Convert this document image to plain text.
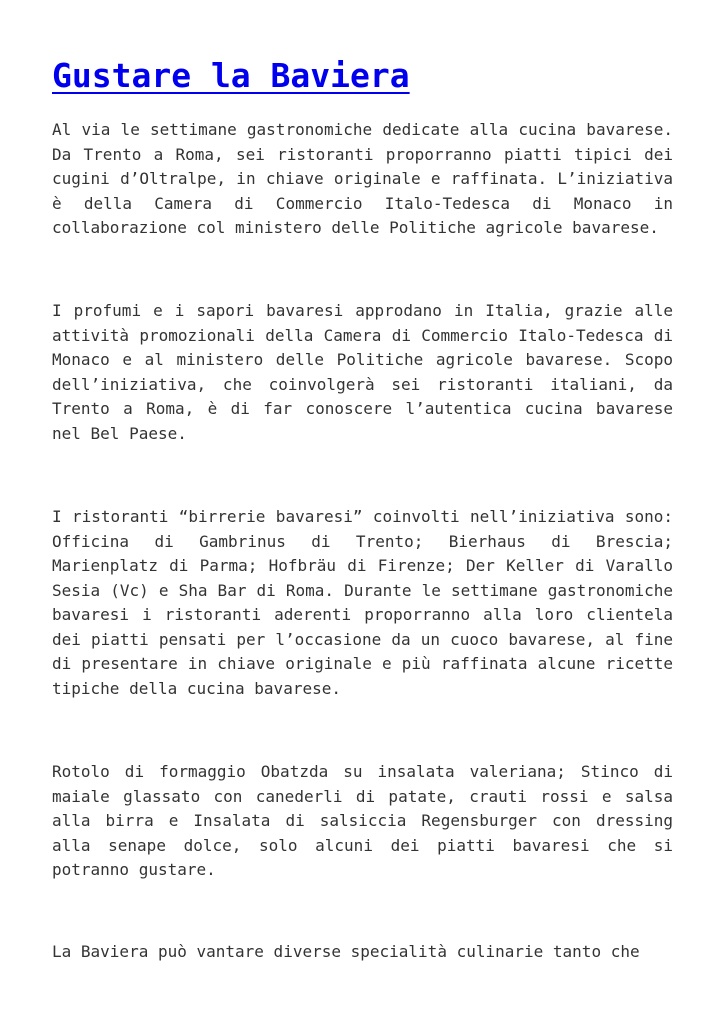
Gustare la Baviera

Al via le settimane gastronomiche dedicate alla cucina bavarese. Da Trento a Roma, sei ristoranti proporranno piatti tipici dei cugini d’Oltralpe, in chiave originale e raffinata. L’iniziativa è della Camera di Commercio Italo-Tedesca di Monaco in collaborazione col ministero delle Politiche agricole bavarese.

I profumi e i sapori bavaresi approdano in Italia, grazie alle attività promozionali della Camera di Commercio Italo-Tedesca di Monaco e al ministero delle Politiche agricole bavarese. Scopo dell’iniziativa, che coinvolgerà sei ristoranti italiani, da Trento a Roma, è di far conoscere l’autentica cucina bavarese nel Bel Paese.

I ristoranti “birrerie bavaresi” coinvolti nell’iniziativa sono: Officina di Gambrinus di Trento; Bierhaus di Brescia; Marienplatz di Parma; Hofbräu di Firenze; Der Keller di Varallo Sesia (Vc) e Sha Bar di Roma. Durante le settimane gastronomiche bavaresi i ristoranti aderenti proporranno alla loro clientela dei piatti pensati per l’occasione da un cuoco bavarese, al fine di presentare in chiave originale e più raffinata alcune ricette tipiche della cucina bavarese.

Rotolo di formaggio Obatzda su insalata valeriana; Stinco di maiale glassato con canederli di patate, crauti rossi e salsa alla birra e Insalata di salsiccia Regensburger con dressing alla senape dolce, solo alcuni dei piatti bavaresi che si potranno gustare.

La Baviera può vantare diverse specialità culinarie tanto che
